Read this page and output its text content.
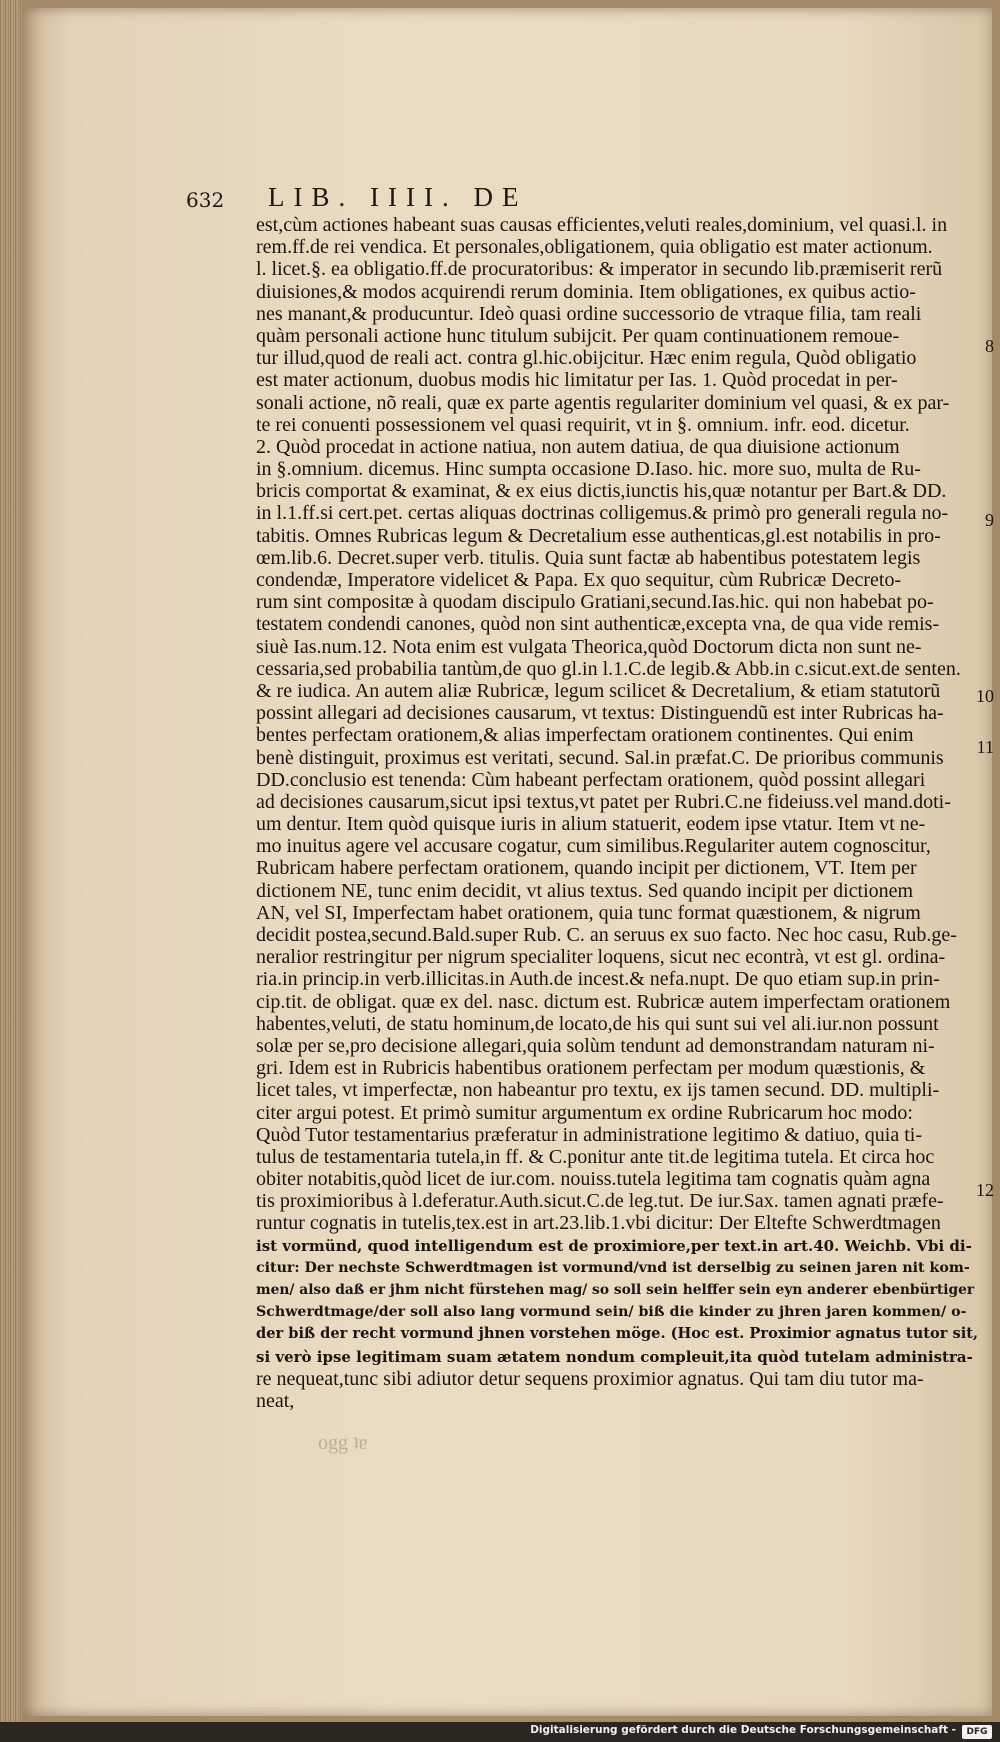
632 LIB. IIII. DE
est,cùm actiones habeant suas causas efficientes,veluti reales,dominium, vel quasi.l. in
rem.ff.de rei vendica. Et personales,obligationem, quia obligatio est mater actionum.
l. licet.§. ea obligatio.ff.de procuratoribus: & imperator in secundo lib.præmiserit rerũ
diuisiones,& modos acquirendi rerum dominia. Item obligationes, ex quibus actio-
nes manant,& producuntur. Ideò quasi ordine successorio de vtraque filia, tam reali
quàm personali actione hunc titulum subijcit. Per quam continuationem remoue-
tur illud,quod de reali act. contra gl.hic.obijcitur. Hæc enim regula, Quòd obligatio
est mater actionum, duobus modis hic limitatur per Ias. 1. Quòd procedat in per-
sonali actione, nõ reali, quæ ex parte agentis regulariter dominium vel quasi, & ex par-
te rei conuenti possessionem vel quasi requirit, vt in §. omnium. infr. eod. dicetur.
2. Quòd procedat in actione natiua, non autem datiua, de qua diuisione actionum
in §.omnium. dicemus. Hinc sumpta occasione D.Iaso. hic. more suo, multa de Ru-
bricis comportat & examinat, & ex eius dictis,iunctis his,quæ notantur per Bart.& DD.
in l.1.ff.si cert.pet. certas aliquas doctrinas colligemus.& primò pro generali regula no-
tabitis. Omnes Rubricas legum & Decretalium esse authenticas,gl.est notabilis in pro-
œm.lib.6. Decret.super verb. titulis. Quia sunt factæ ab habentibus potestatem legis
condendæ, Imperatore videlicet & Papa. Ex quo sequitur, cùm Rubricæ Decreto-
rum sint compositæ à quodam discipulo Gratiani,secund.Ias.hic. qui non habebat po-
testatem condendi canones, quòd non sint authenticæ,excepta vna, de qua vide remis-
siuè Ias.num.12. Nota enim est vulgata Theorica,quòd Doctorum dicta non sunt ne-
cessaria,sed probabilia tantùm,de quo gl.in l.1.C.de legib.& Abb.in c.sicut.ext.de senten.
& re iudica. An autem aliæ Rubricæ, legum scilicet & Decretalium, & etiam statutorũ
possint allegari ad decisiones causarum, vt textus: Distinguendũ est inter Rubricas ha-
bentes perfectam orationem,& alias imperfectam orationem continentes. Qui enim
benè distinguit, proximus est veritati, secund. Sal.in præfat.C. De prioribus communis
DD.conclusio est tenenda: Cùm habeant perfectam orationem, quòd possint allegari
ad decisiones causarum,sicut ipsi textus,vt patet per Rubri.C.ne fideiuss.vel mand.doti-
um dentur. Item quòd quisque iuris in alium statuerit, eodem ipse vtatur. Item vt ne-
mo inuitus agere vel accusare cogatur, cum similibus.Regulariter autem cognoscitur,
Rubricam habere perfectam orationem, quando incipit per dictionem, VT. Item per
dictionem NE, tunc enim decidit, vt alius textus. Sed quando incipit per dictionem
AN, vel SI, Imperfectam habet orationem, quia tunc format quæstionem, & nigrum
decidit postea,secund.Bald.super Rub. C. an seruus ex suo facto. Nec hoc casu, Rub.ge-
neralior restringitur per nigrum specialiter loquens, sicut nec econtrà, vt est gl. ordina-
ria.in princip.in verb.illicitas.in Auth.de incest.& nefa.nupt. De quo etiam sup.in prin-
cip.tit. de obligat. quæ ex del. nasc. dictum est. Rubricæ autem imperfectam orationem
habentes,veluti, de statu hominum,de locato,de his qui sunt sui vel ali.iur.non possunt
solæ per se,pro decisione allegari,quia solùm tendunt ad demonstrandam naturam ni-
gri. Idem est in Rubricis habentibus orationem perfectam per modum quæstionis, &
licet tales, vt imperfectæ, non habeantur pro textu, ex ijs tamen secund. DD. multipli-
citer argui potest. Et primò sumitur argumentum ex ordine Rubricarum hoc modo:
Quòd Tutor testamentarius præferatur in administratione legitimo & datiuo, quia ti-
tulus de testamentaria tutela,in ff. & C.ponitur ante tit.de legitima tutela. Et circa hoc
obiter notabitis,quòd licet de iur.com. nouiss.tutela legitima tam cognatis quàm agna
tis proximioribus à l.deferatur.Auth.sicut.C.de leg.tut. De iur.Sax. tamen agnati præfe-
runtur cognatis in tutelis,tex.est in art.23.lib.1.vbi dicitur: Der Eltefte Schwerdtmagen
ist vormünd, quod intelligendum est de proximiore,per text.in art.40. Weichb. Vbi di-
citur: Der nechste Schwerdtmagen ist vormund/vnd ist derselbig zu seinen jaren nit kom-
men/ also daß er jhm nicht fürstehen mag/ so soll sein helffer sein eyn anderer ebenbürtiger
Schwerdtmage/der soll also lang vormund sein/ biß die kinder zu jhren jaren kommen/ o-
der biß der recht vormund jhnen vorstehen möge. (Hoc est. Proximior agnatus tutor sit,
si verò ipse legitimam suam ætatem nondum compleuit,ita quòd tutelam administra-
re nequeat,tunc sibi adiutor detur sequens proximior agnatus. Qui tam diu tutor ma-
neat,
8
9
10
11
12
ogg ʇɐ
Digitalisierung gefördert durch die Deutsche Forschungsgemeinschaft -	DFG
